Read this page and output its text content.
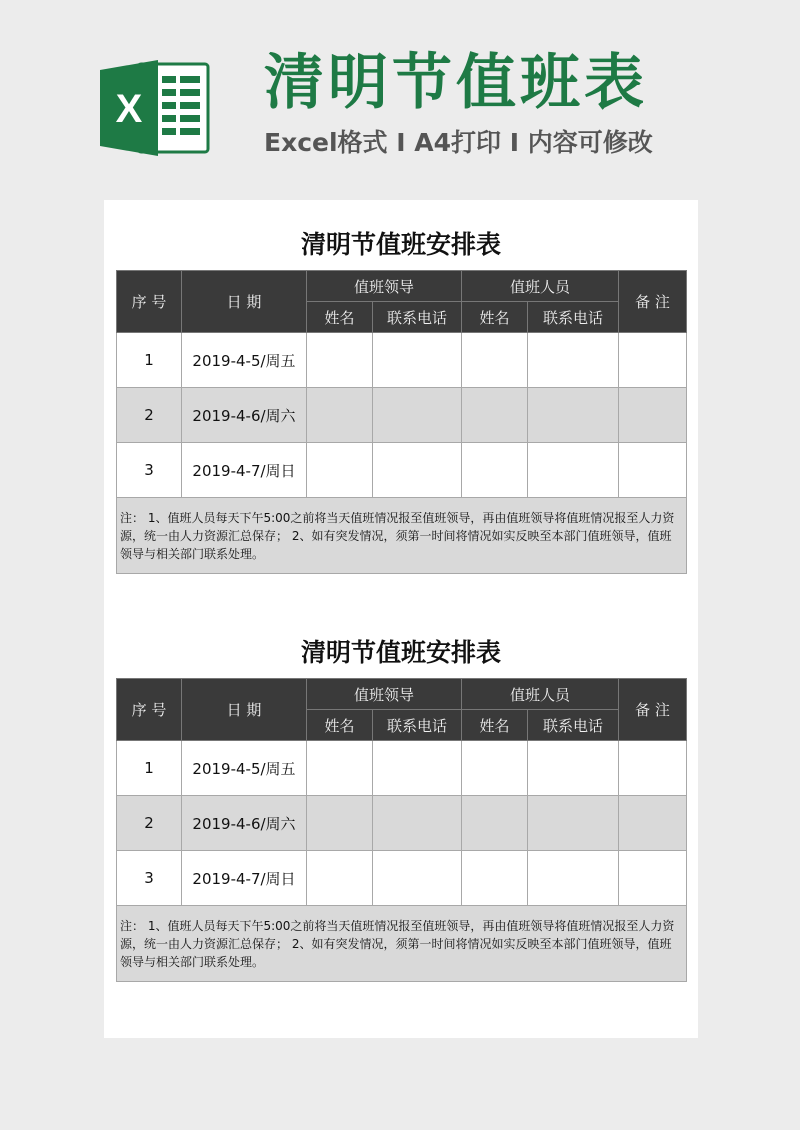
X 清明节值班表
Excel格式 I A4打印 I 内容可修改
清明节值班安排表
序 号	日 期	值班领导		值班人员		备 注
		姓名	联系电话	姓名	联系电话	
1	2019-4-5/周五					
2	2019-4-6/周六					
3	2019-4-7/周日					
注： 1、值班人员每天下午5:00之前将当天值班情况报至值班领导，再由值班领导将值班情况报至人力资源，统一由人力资源汇总保存； 2、如有突发情况，须第一时间将情况如实反映至本部门值班领导，值班领导与相关部门联系处理。						
清明节值班安排表
序 号	日 期	值班领导		值班人员		备 注
		姓名	联系电话	姓名	联系电话	
1	2019-4-5/周五					
2	2019-4-6/周六					
3	2019-4-7/周日					
注： 1、值班人员每天下午5:00之前将当天值班情况报至值班领导，再由值班领导将值班情况报至人力资源，统一由人力资源汇总保存； 2、如有突发情况，须第一时间将情况如实反映至本部门值班领导，值班领导与相关部门联系处理。						
